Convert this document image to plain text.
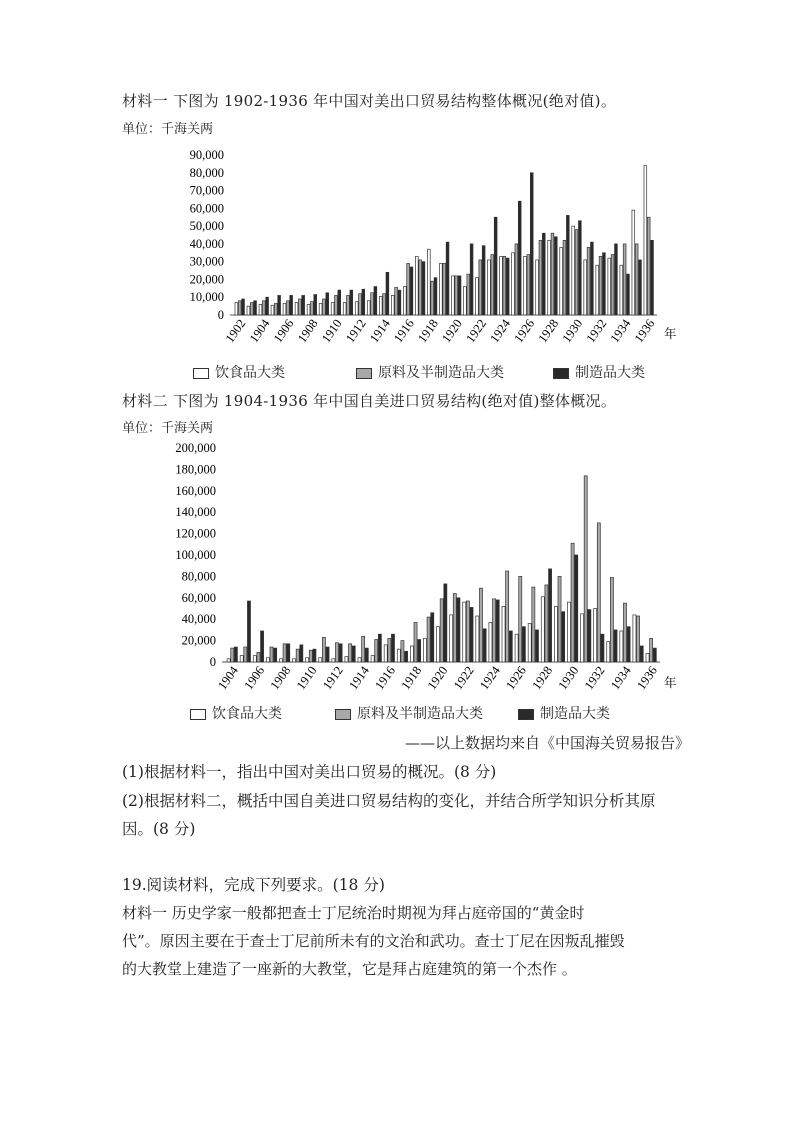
材料一 下图为 1902-1936 年中国对美出口贸易结构整体概况(绝对值)。
单位：千海关两
90,000
80,000
70,000
60,000
50,000
40,000
30,000
20,000
10,000
0
1902
1904
1906
1908
1910
1912
1914
1916
1918
1920
1922
1924
1926
1928
1930
1932
1934
1936 年
饮食品大类	原料及半制造品大类	制造品大类
材料二 下图为 1904-1936 年中国自美进口贸易结构(绝对值)整体概况。
单位：千海关两
200,000
180,000
160,000
140,000
120,000
100,000
80,000
60,000
40,000
20,000
0
1904 1906 1908 1910 1912 1914 1916 1918 1920 1922 1924 1926 1928 1930 1932 1934 1936 年
饮食品大类	原料及半制造品大类	制造品大类
——以上数据均来自《中国海关贸易报告》
(1)根据材料一，指出中国对美出口贸易的概况。(8 分)
(2)根据材料二，概括中国自美进口贸易结构的变化，并结合所学知识分析其原
因。(8 分)
19.阅读材料，完成下列要求。(18 分)
材料一 历史学家一般都把查士丁尼统治时期视为拜占庭帝国的“黄金时
代”。原因主要在于查士丁尼前所未有的文治和武功。查士丁尼在因叛乱摧毁
的大教堂上建造了一座新的大教堂，它是拜占庭建筑的第一个杰作 。
